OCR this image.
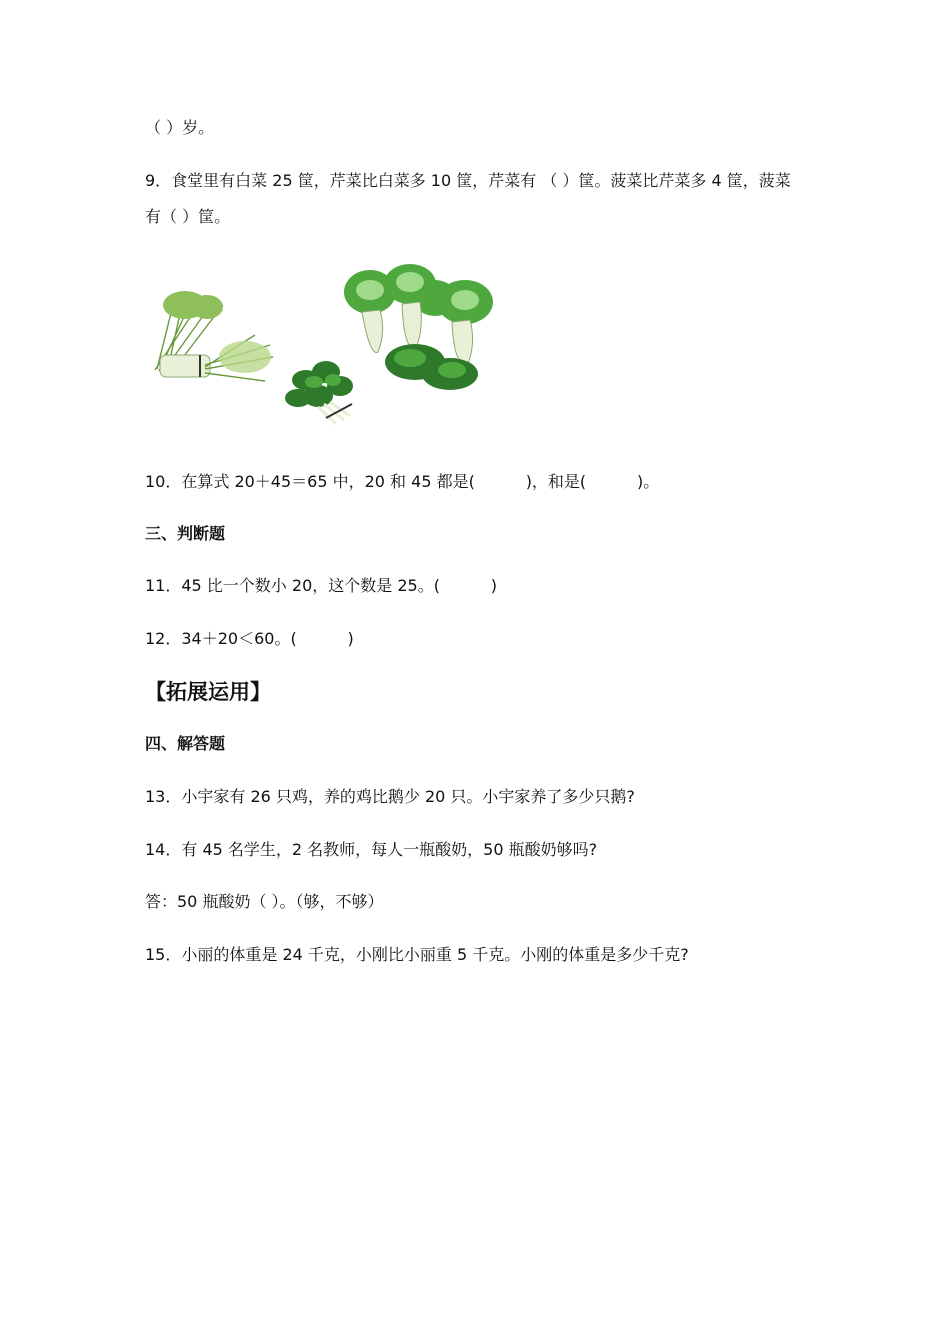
（ ）岁。
9．食堂里有白菜 25 筐，芹菜比白菜多 10 筐，芹菜有 （ ）筐。菠菜比芹菜多 4 筐，菠菜
有（ ）筐。
10．在算式 20＋45＝65 中，20 和 45 都是(          )，和是(          )。
三、判断题
11．45 比一个数小 20，这个数是 25。(          )
12．34＋20＜60。(          )
【拓展运用】
四、解答题
13．小宇家有 26 只鸡，养的鸡比鹅少 20 只。小宇家养了多少只鹅?
14．有 45 名学生，2 名教师，每人一瓶酸奶，50 瓶酸奶够吗?
答：50 瓶酸奶（ ）。（够，不够）
15．小丽的体重是 24 千克，小刚比小丽重 5 千克。小刚的体重是多少千克?
